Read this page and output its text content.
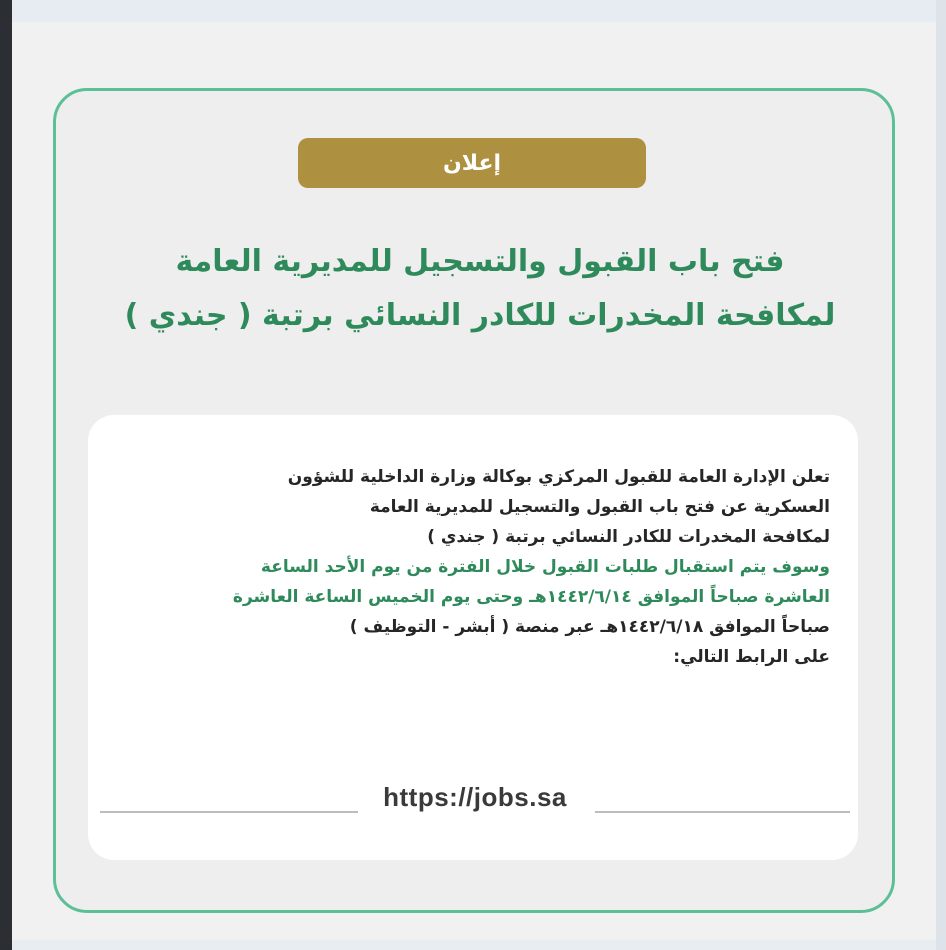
إعلان
فتح باب القبول والتسجيل للمديرية العامة
لمكافحة المخدرات للكادر النسائي برتبة ( جندي )
تعلن الإدارة العامة للقبول المركزي بوكالة وزارة الداخلية للشؤون
العسكرية عن فتح باب القبول والتسجيل للمديرية العامة
لمكافحة المخدرات للكادر النسائي برتبة ( جندي )
وسوف يتم استقبال طلبات القبول خلال الفترة من يوم الأحد الساعة
العاشرة صباحاً الموافق ١٤٤٢/٦/١٤هـ وحتى يوم الخميس الساعة العاشرة
صباحاً الموافق ١٤٤٢/٦/١٨هـ عبر منصة ( أبشر - التوظيف )
على الرابط التالي:
https://jobs.sa
